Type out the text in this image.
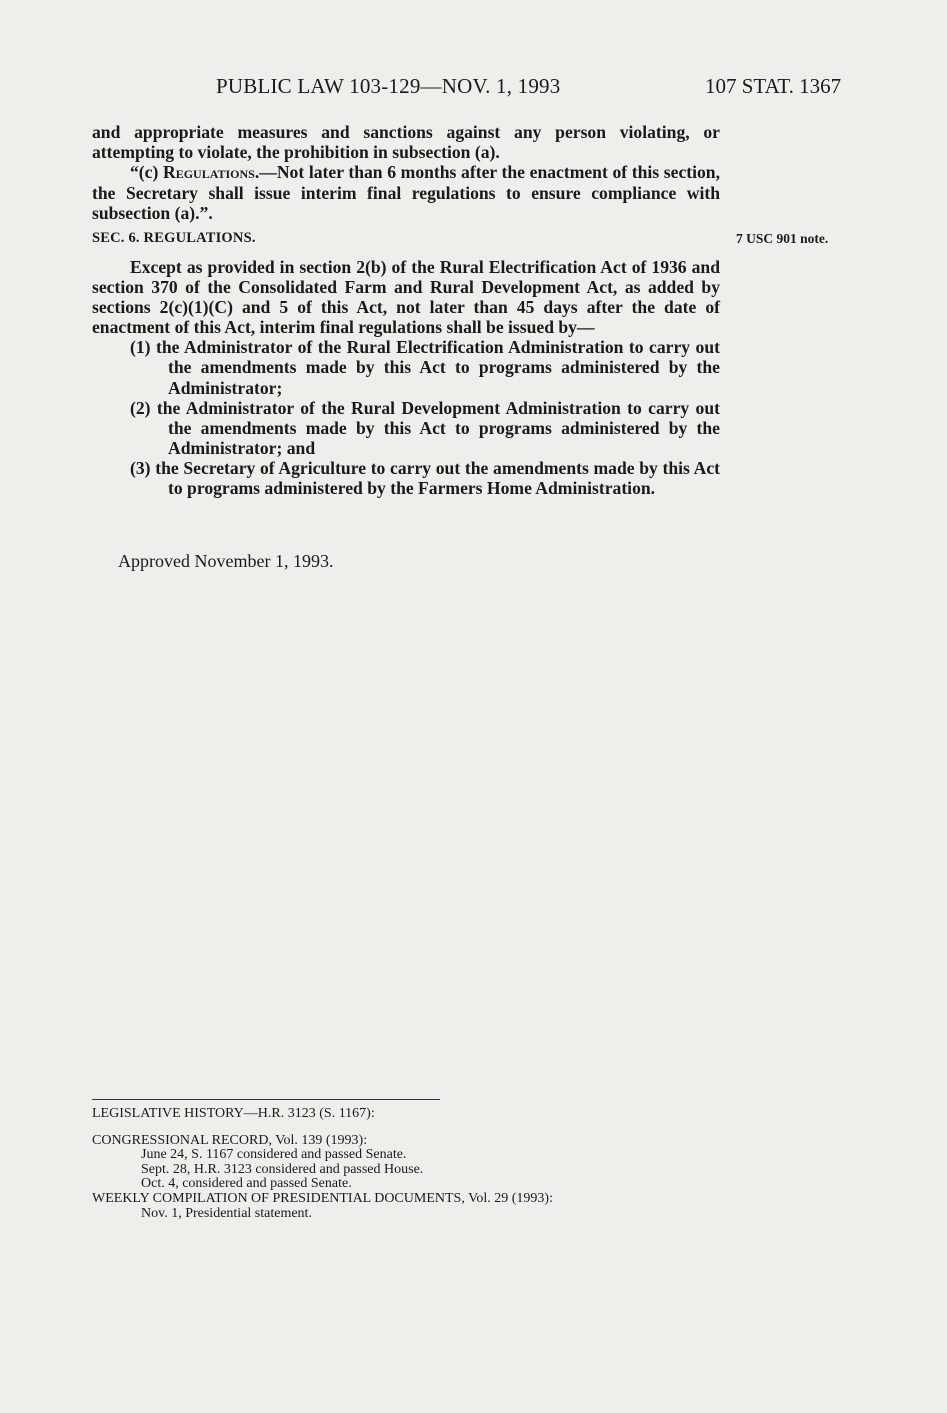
PUBLIC LAW 103-129—NOV. 1, 1993	107 STAT. 1367

and appropriate measures and sanctions against any person violating, or attempting to violate, the prohibition in subsection (a).

“(c) Regulations.—Not later than 6 months after the enactment of this section, the Secretary shall issue interim final regulations to ensure compliance with subsection (a).”.

SEC. 6. REGULATIONS.	7 USC 901 note.

Except as provided in section 2(b) of the Rural Electrification Act of 1936 and section 370 of the Consolidated Farm and Rural Development Act, as added by sections 2(c)(1)(C) and 5 of this Act, not later than 45 days after the date of enactment of this Act, interim final regulations shall be issued by—

(1) the Administrator of the Rural Electrification Administration to carry out the amendments made by this Act to programs administered by the Administrator;

(2) the Administrator of the Rural Development Administration to carry out the amendments made by this Act to programs administered by the Administrator; and

(3) the Secretary of Agriculture to carry out the amendments made by this Act to programs administered by the Farmers Home Administration.

Approved November 1, 1993.

LEGISLATIVE HISTORY—H.R. 3123 (S. 1167):

CONGRESSIONAL RECORD, Vol. 139 (1993):

June 24, S. 1167 considered and passed Senate.

Sept. 28, H.R. 3123 considered and passed House.

Oct. 4, considered and passed Senate.

WEEKLY COMPILATION OF PRESIDENTIAL DOCUMENTS, Vol. 29 (1993):

Nov. 1, Presidential statement.
